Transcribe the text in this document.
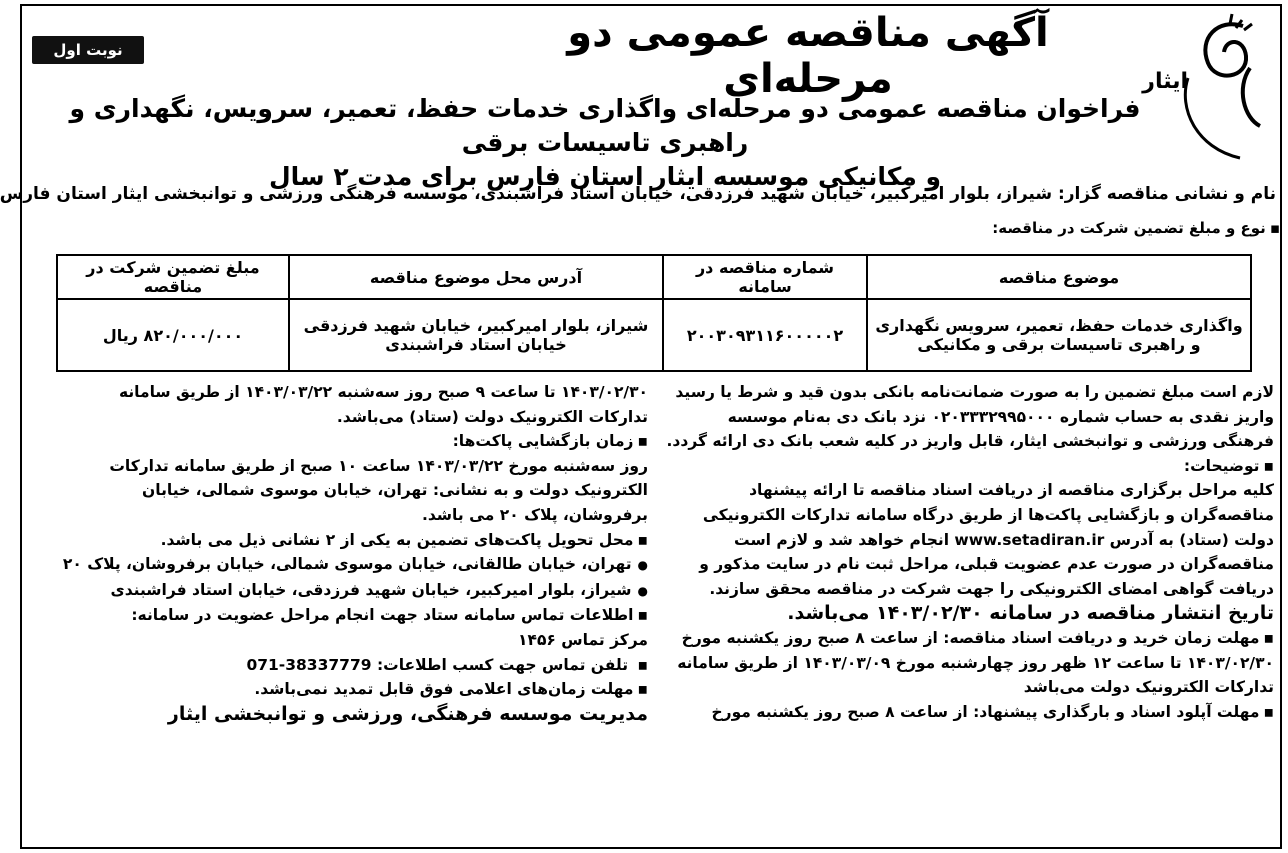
ایثار
نوبت اول	آگهی مناقصه عمومی دو مرحله‌ای
فراخوان مناقصه عمومی دو مرحله‌ای واگذاری خدمات حفظ، تعمیر، سرویس، نگهداری و راهبری تاسیسات برقی
و مکانیکی موسسه ایثار استان فارس برای مدت ۲ سال
نام و نشانی مناقصه گزار: شیراز، بلوار امیرکبیر، خیابان شهید فرزدقی، خیابان استاد فراشبندی، موسسه فرهنگی ورزشی و توانبخشی ایثار استان فارس
▪ نوع و مبلغ تضمین شرکت در مناقصه:
موضوع مناقصه	شماره مناقصه در سامانه	آدرس محل موضوع مناقصه	مبلغ تضمین شرکت در مناقصه
واگذاری خدمات حفظ، تعمیر، سرویس نگهداری و راهبری تاسیسات برقی و مکانیکی	۲۰۰۳۰۹۳۱۱۶۰۰۰۰۰۲	شیراز، بلوار امیرکبیر، خیابان شهید فرزدقی خیابان استاد فراشبندی	۸۲۰/۰۰۰/۰۰۰ ریال

لازم است مبلغ تضمین را به صورت ضمانت‌نامه بانکی بدون قید و شرط یا رسید واریز نقدی به حساب شماره ۰۲۰۳۳۳۲۹۹۵۰۰۰ نزد بانک دی به‌نام موسسه فرهنگی ورزشی و توانبخشی ایثار، قابل واریز در کلیه شعب بانک دی ارائه گردد.

▪ توضیحات:

کلیه مراحل برگزاری مناقصه از دریافت اسناد مناقصه تا ارائه پیشنهاد مناقصه‌گران و بازگشایی پاکت‌ها از طریق درگاه سامانه تدارکات الکترونیکی دولت (ستاد) به آدرس www.setadiran.ir انجام خواهد شد و لازم است مناقصه‌گران در صورت عدم عضویت قبلی، مراحل ثبت نام در سایت مذکور و دریافت گواهی امضای الکترونیکی را جهت شرکت در مناقصه محقق سازند.

تاریخ انتشار مناقصه در سامانه ۱۴۰۳/۰۲/۳۰ می‌باشد.

▪ مهلت زمان خرید و دریافت اسناد مناقصه: از ساعت ۸ صبح روز یکشنبه مورخ ۱۴۰۳/۰۲/۳۰ تا ساعت ۱۲ ظهر روز چهارشنبه مورخ ۱۴۰۳/۰۳/۰۹ از طریق سامانه تدارکات الکترونیک دولت می‌باشد

▪ مهلت آپلود اسناد و بارگذاری پیشنهاد: از ساعت ۸ صبح روز یکشنبه مورخ

۱۴۰۳/۰۲/۳۰ تا ساعت ۹ صبح روز سه‌شنبه ۱۴۰۳/۰۳/۲۲ از طریق سامانه تدارکات الکترونیک دولت (ستاد) می‌باشد.

▪ زمان بازگشایی پاکت‌ها:

روز سه‌شنبه مورخ ۱۴۰۳/۰۳/۲۲ ساعت ۱۰ صبح از طریق سامانه تدارکات الکترونیک دولت و به نشانی: تهران، خیابان موسوی شمالی، خیابان برفروشان، پلاک ۲۰ می باشد.

▪ محل تحویل پاکت‌های تضمین به یکی از ۲ نشانی ذیل می باشد.

● تهران، خیابان طالقانی، خیابان موسوی شمالی، خیابان برفروشان، پلاک ۲۰

● شیراز، بلوار امیرکبیر، خیابان شهید فرزدقی، خیابان استاد فراشبندی

▪ اطلاعات تماس سامانه ستاد جهت انجام مراحل عضویت در سامانه:

مرکز تماس ۱۴۵۶

▪ تلفن تماس جهت کسب اطلاعات: 071-38337779

▪ مهلت زمان‌های اعلامی فوق قابل تمدید نمی‌باشد.

مدیریت موسسه فرهنگی، ورزشی و توانبخشی ایثار
